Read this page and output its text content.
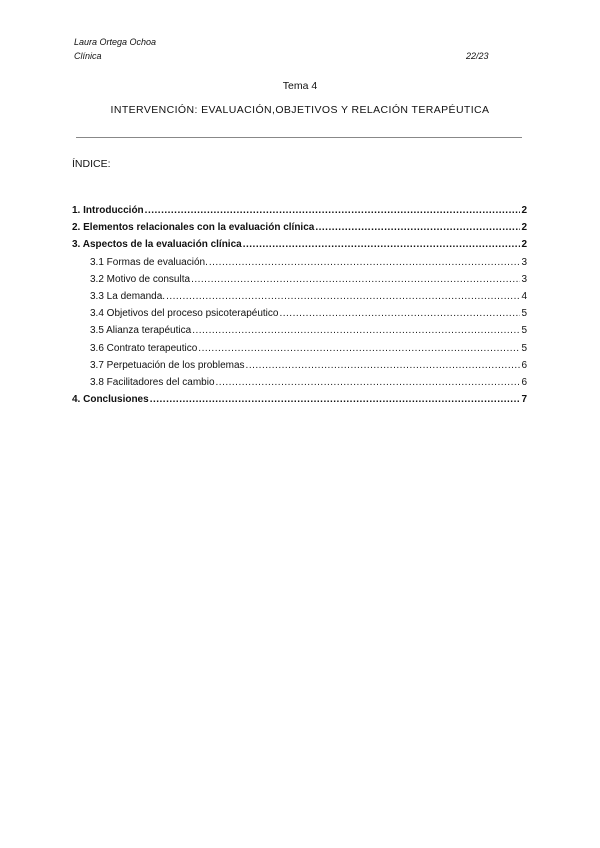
Laura Ortega Ochoa
Clínica	22/23
Tema 4
INTERVENCIÓN: EVALUACIÓN,OBJETIVOS Y RELACIÓN TERAPÉUTICA
ÍNDICE:
1. Introducción .....	2
2. Elementos relacionales con la evaluación clínica .....	2
3. Aspectos de la evaluación clínica .....	2
3.1 Formas de evaluación. .....	3
3.2 Motivo de consulta .....	3
3.3 La demanda. .....	4
3.4 Objetivos del proceso psicoterapéutico .....	5
3.5 Alianza terapéutica .....	5
3.6 Contrato terapeutico .....	5
3.7 Perpetuación de los problemas .....	6
3.8 Facilitadores del cambio .....	6
4. Conclusiones .....	7
